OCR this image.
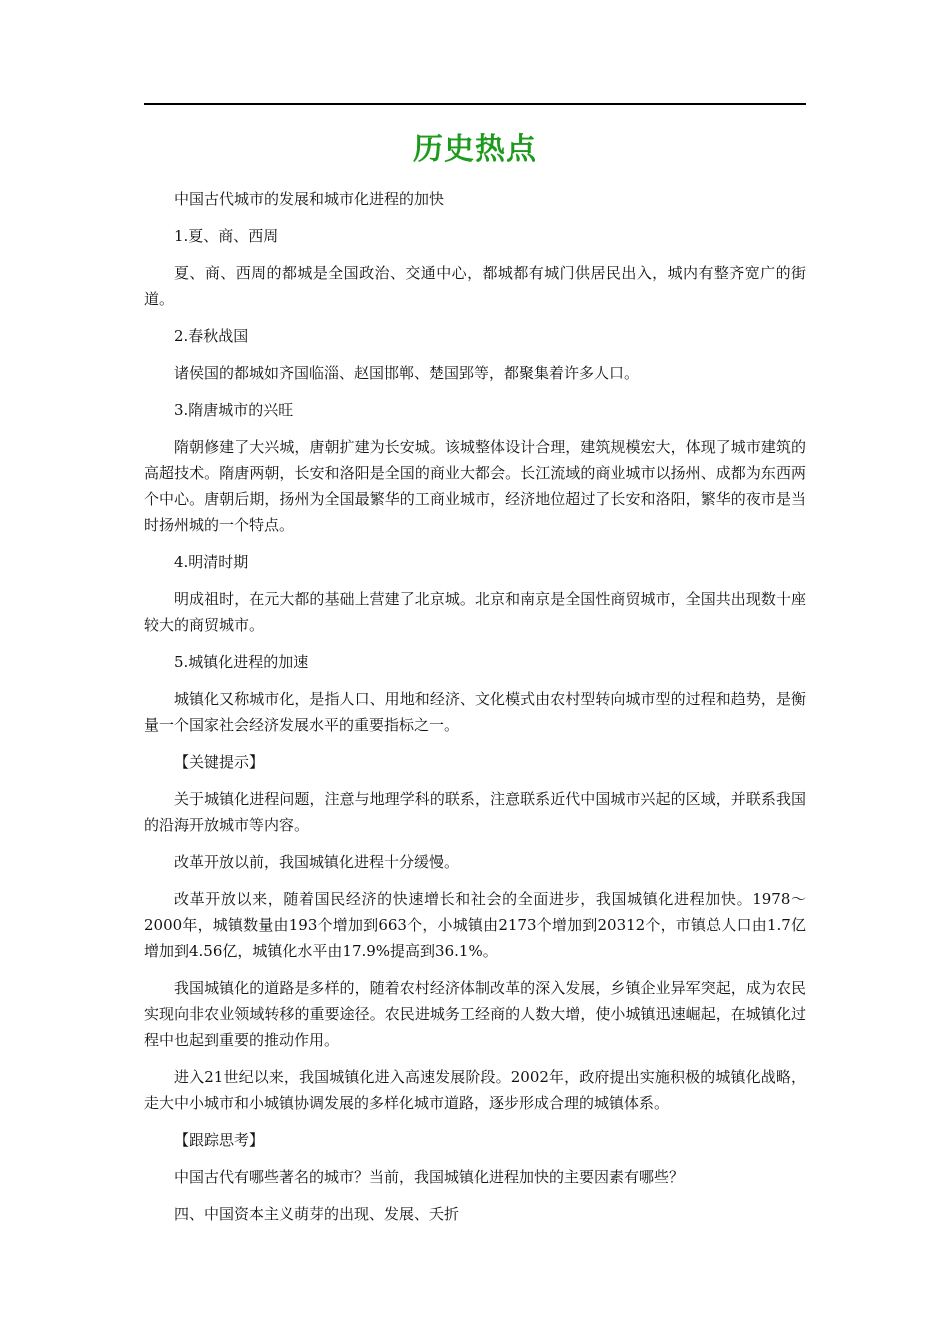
历史热点

中国古代城市的发展和城市化进程的加快

1.夏、商、西周

夏、商、西周的都城是全国政治、交通中心，都城都有城门供居民出入，城内有整齐宽广的街道。

2.春秋战国

诸侯国的都城如齐国临淄、赵国邯郸、楚国郢等，都聚集着许多人口。

3.隋唐城市的兴旺

隋朝修建了大兴城，唐朝扩建为长安城。该城整体设计合理，建筑规模宏大，体现了城市建筑的高超技术。隋唐两朝，长安和洛阳是全国的商业大都会。长江流域的商业城市以扬州、成都为东西两个中心。唐朝后期，扬州为全国最繁华的工商业城市，经济地位超过了长安和洛阳，繁华的夜市是当时扬州城的一个特点。

4.明清时期

明成祖时，在元大都的基础上营建了北京城。北京和南京是全国性商贸城市，全国共出现数十座较大的商贸城市。

5.城镇化进程的加速

城镇化又称城市化，是指人口、用地和经济、文化模式由农村型转向城市型的过程和趋势，是衡量一个国家社会经济发展水平的重要指标之一。

【关键提示】

关于城镇化进程问题，注意与地理学科的联系，注意联系近代中国城市兴起的区域，并联系我国的沿海开放城市等内容。

改革开放以前，我国城镇化进程十分缓慢。

改革开放以来，随着国民经济的快速增长和社会的全面进步，我国城镇化进程加快。1978～2000年，城镇数量由193个增加到663个，小城镇由2173个增加到20312个，市镇总人口由1.7亿增加到4.56亿，城镇化水平由17.9%提高到36.1%。

我国城镇化的道路是多样的，随着农村经济体制改革的深入发展，乡镇企业异军突起，成为农民实现向非农业领域转移的重要途径。农民进城务工经商的人数大增，使小城镇迅速崛起，在城镇化过程中也起到重要的推动作用。

进入21世纪以来，我国城镇化进入高速发展阶段。2002年，政府提出实施积极的城镇化战略，走大中小城市和小城镇协调发展的多样化城市道路，逐步形成合理的城镇体系。

【跟踪思考】

中国古代有哪些著名的城市？当前，我国城镇化进程加快的主要因素有哪些？

四、中国资本主义萌芽的出现、发展、夭折
